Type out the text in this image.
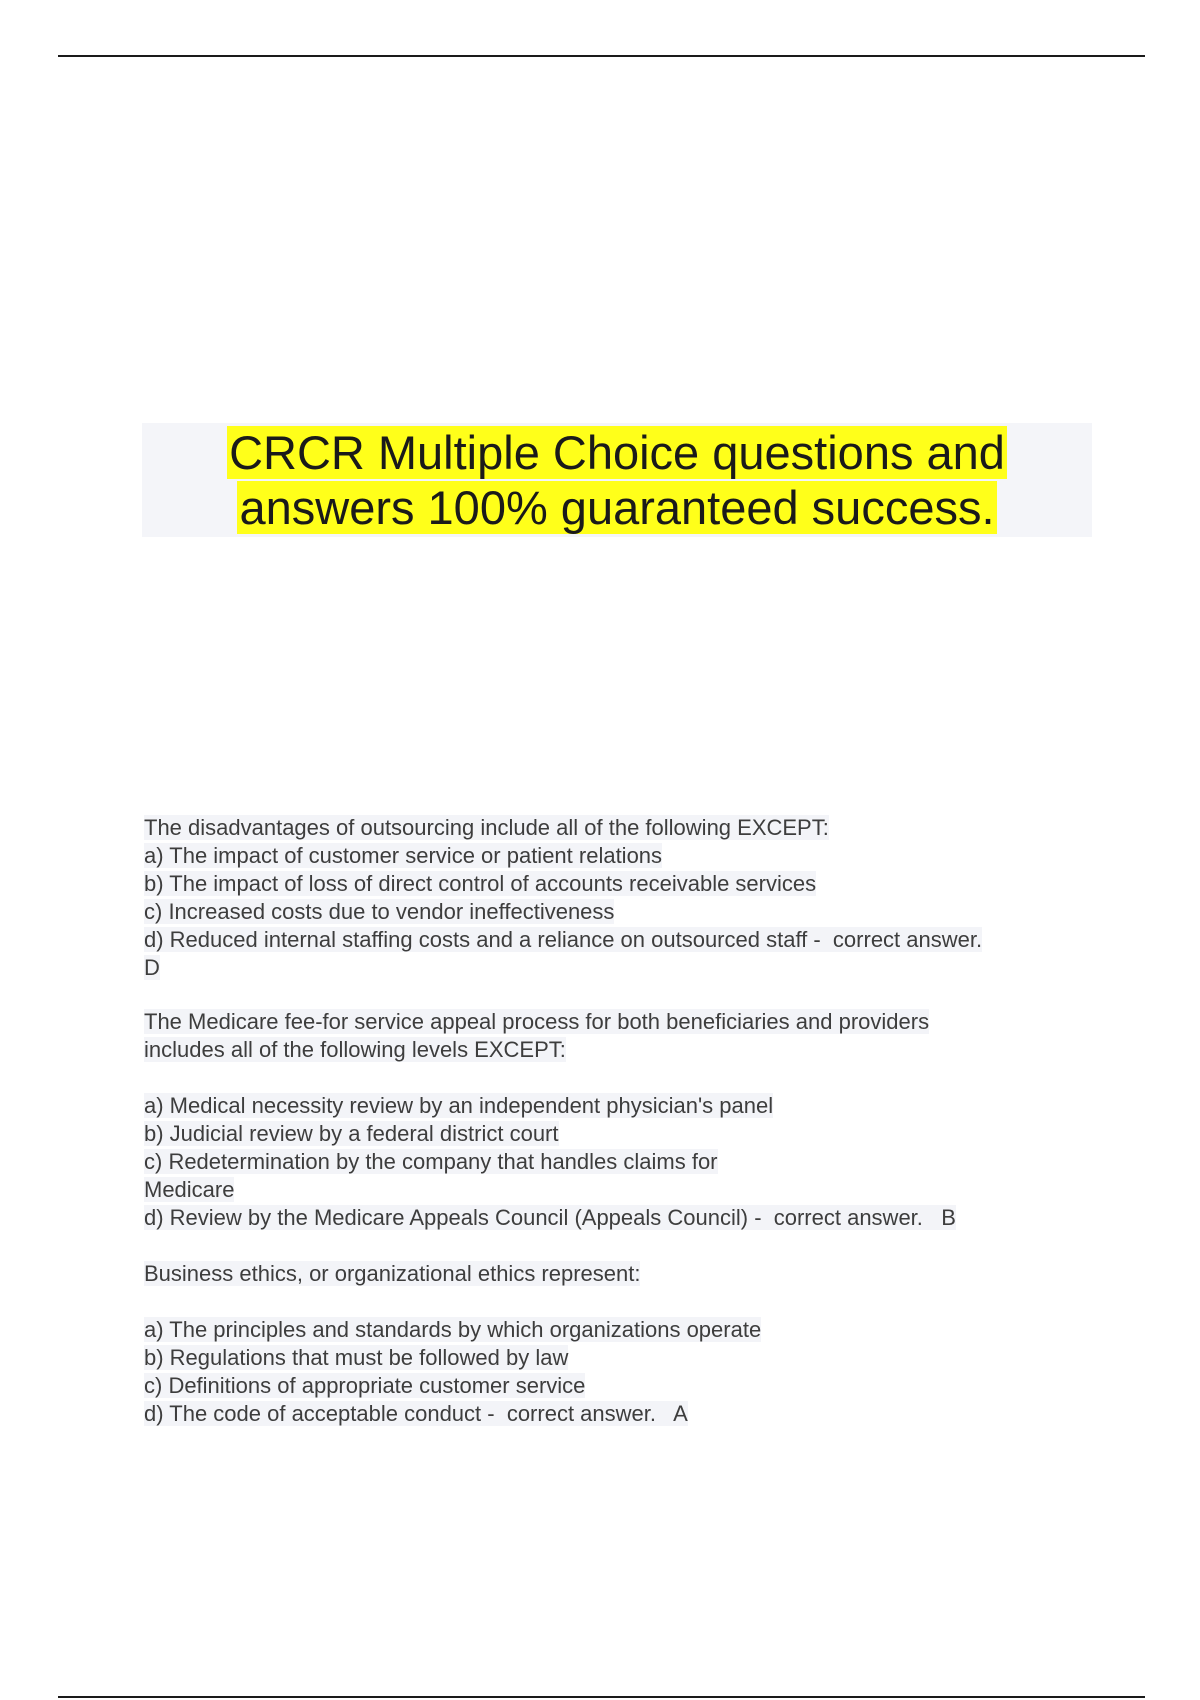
CRCR Multiple Choice questions and
answers 100% guaranteed success.
The disadvantages of outsourcing include all of the following EXCEPT:
a) The impact of customer service or patient relations
b) The impact of loss of direct control of accounts receivable services
c) Increased costs due to vendor ineffectiveness
d) Reduced internal staffing costs and a reliance on outsourced staff -  correct answer.
D
The Medicare fee-for service appeal process for both beneficiaries and providers
includes all of the following levels EXCEPT:
a) Medical necessity review by an independent physician's panel
b) Judicial review by a federal district court
c) Redetermination by the company that handles claims for
Medicare
d) Review by the Medicare Appeals Council (Appeals Council) -  correct answer.   B
Business ethics, or organizational ethics represent:
a) The principles and standards by which organizations operate
b) Regulations that must be followed by law
c) Definitions of appropriate customer service
d) The code of acceptable conduct -  correct answer.   A
